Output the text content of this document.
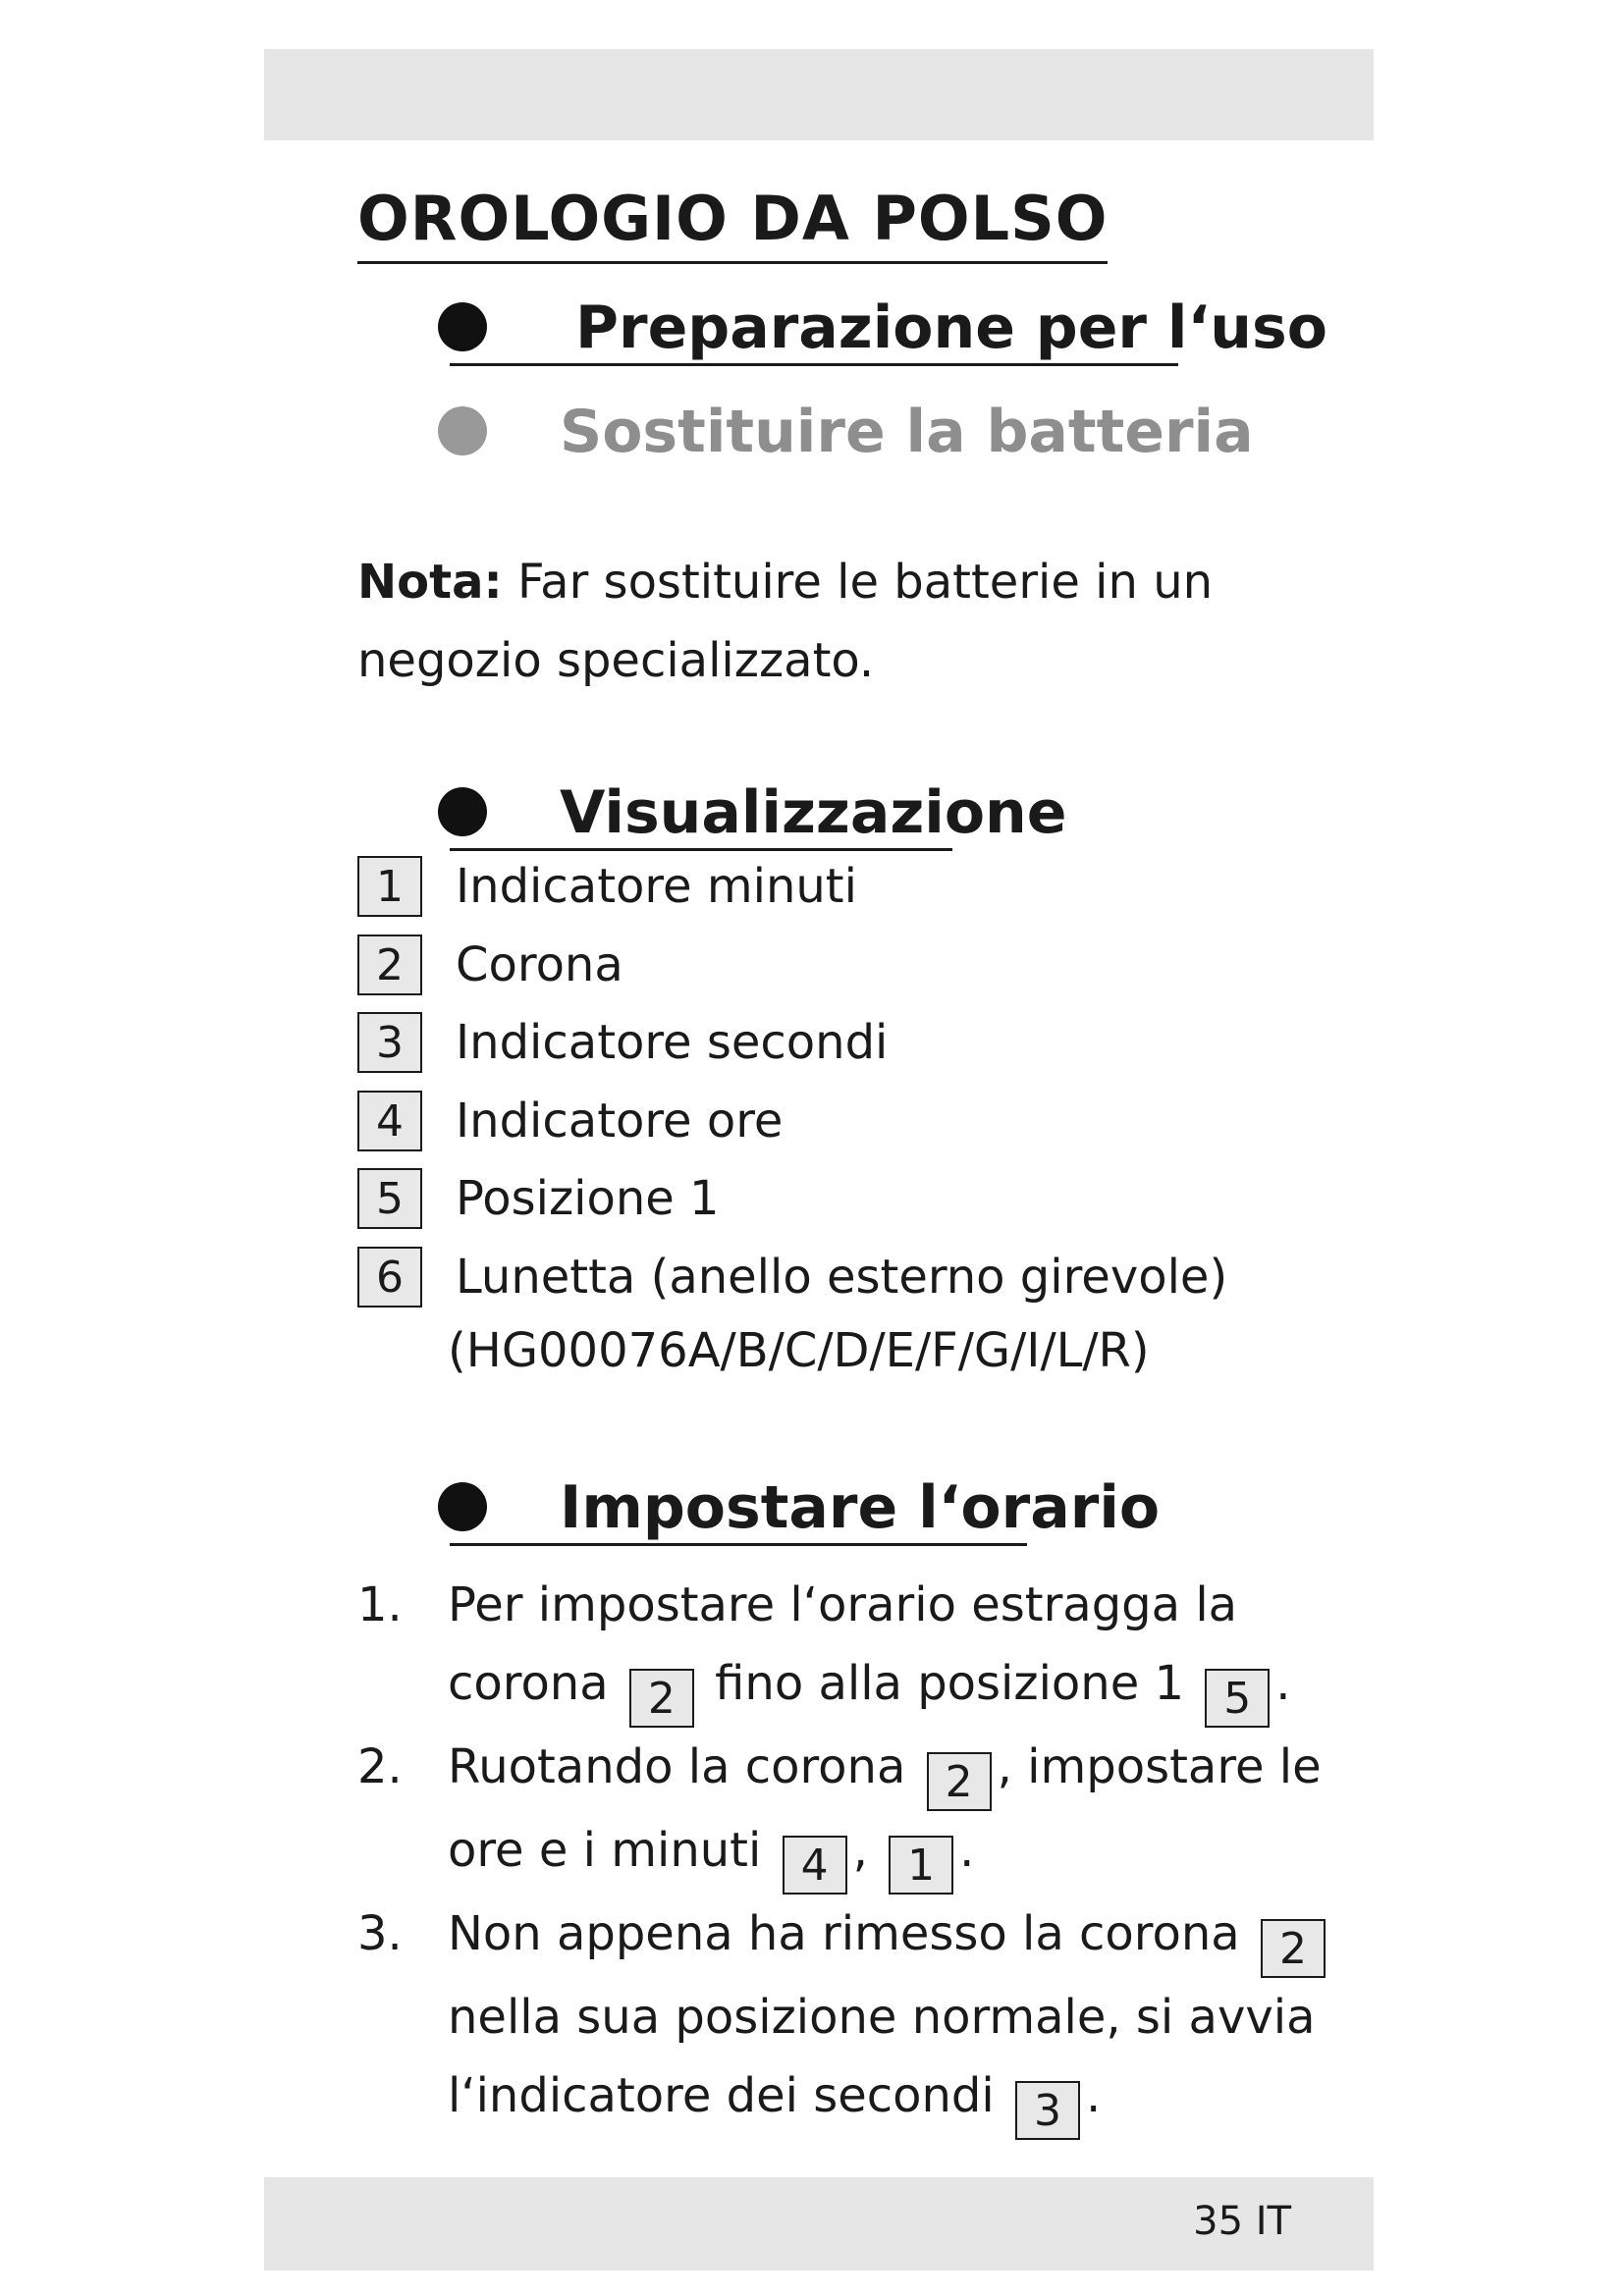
OROLOGIO DA POLSO
Preparazione per l‘uso
Sostituire la batteria
Nota: Far sostituire le batterie in un negozio specializzato.
Visualizzazione
1 Indicatore minuti
2 Corona
3 Indicatore secondi
4 Indicatore ore
5 Posizione 1
6 Lunetta (anello esterno girevole)
(HG00076A/B/C/D/E/F/G/I/L/R)
Impostare l‘orario
1. Per impostare l‘orario estragga la corona 2 fino alla posizione 1 5 .
2. Ruotando la corona 2 , impostare le ore e i minuti 4 , 1 .
3. Non appena ha rimesso la corona 2 nella sua posizione normale, si avvia l‘indicatore dei secondi 3 .
35 IT
